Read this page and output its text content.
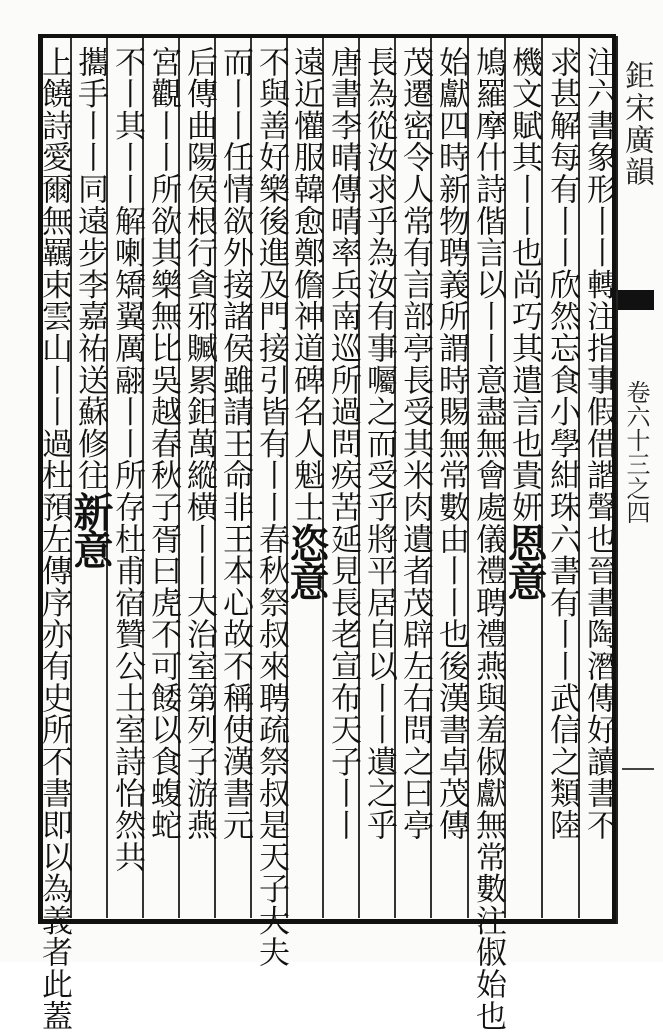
鉅宋廣韻
卷六十三之四
注六書象形丨丨轉注指事假借諧聲也晉書陶潛傳好讀書不
求甚解每有丨丨欣然忘食小學紺珠六書有丨丨武信之類陸
機文賦其丨丨也尚巧其遣言也貴妍恩意
鳩羅摩什詩偕言以丨丨意盡無會處儀禮聘禮燕與羞俶獻無常數注俶始也
始獻四時新物聘義所謂時賜無常數由丨丨也後漢書卓茂傳
茂遷密令人常有言部亭長受其米肉遺者茂辟左右問之曰亭
長為從汝求乎為汝有事囑之而受乎將平居自以丨丨遺之乎
唐書李晴傳晴率兵南巡所過問疾苦延見長老宣布天子丨丨
遠近懽服韓愈鄭儋神道碑名人魁士恣意
不與善好樂後進及門接引皆有丨丨春秋祭叔來聘疏祭叔是天子大夫
而丨丨任情欲外接諸侯雖請王命非王本心故不稱使漢書元
后傳曲陽侯根行貪邪贓累鉅萬縱横丨丨大治室第列子游燕
宮觀丨丨所欲其樂無比吳越春秋子胥曰虎不可餧以食蝮蛇
不丨其丨丨解喇矯翼厲翮丨丨所存杜甫宿贊公土室詩怡然共
攜手丨丨同遠步李嘉祐送蘇修往新意
上饒詩愛爾無羈束雲山丨丨過杜預左傳序亦有史所不書即以為義者此蓋
